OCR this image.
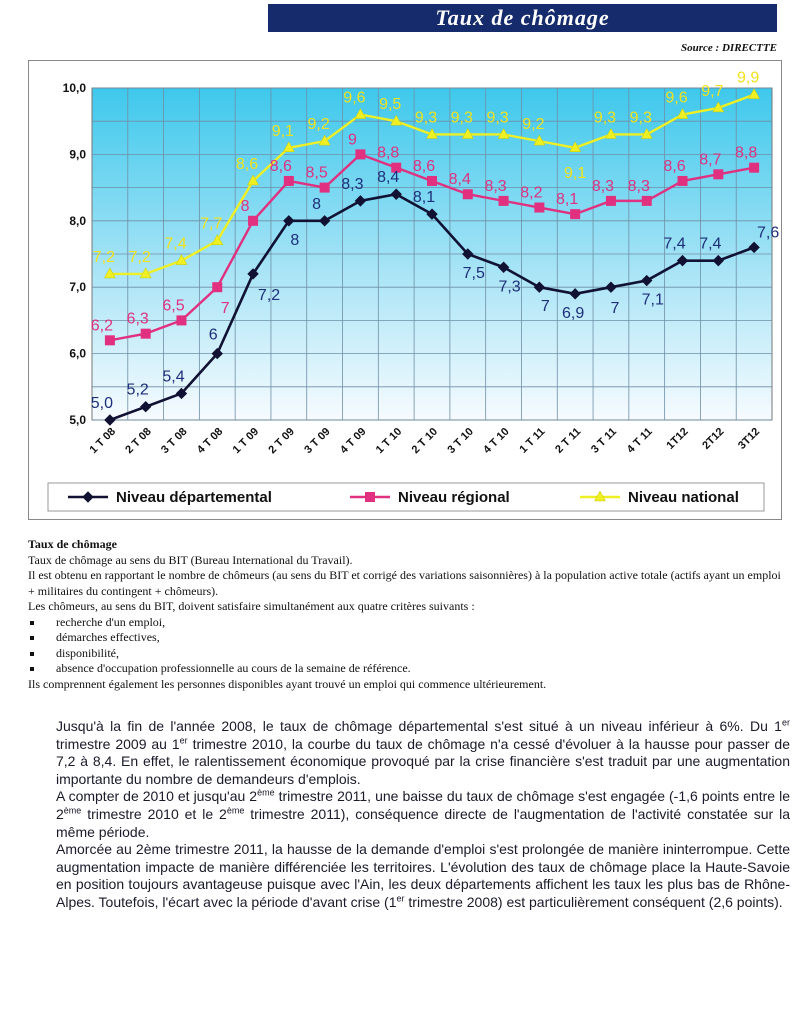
Taux de chômage
Source : DIRECTTE
5,0
6,0
7,0
8,0
9,0
10,0
1 T 08 2 T 08 3 T 08 4 T 08 1 T 09 2 T 09 3 T 09 4 T 09 1 T 10 2 T 10 3 T 10 4 T 10 1 T 11 2 T 11 3 T 11 4 T 11 1T12 2T12 3T12
5,0
5,2
5,4
6
7,2
8
8
8,3 8,4
8,1
7,5
7,3
7 6,9 7
7,1
7,4 7,4
7,6
6,2 6,3
6,5 7
8
8,6 8,5
9
8,8
8,6
8,4 8,3 8,2 8,1
8,3 8,3
8,6 8,7 8,8
7,2 7,2
7,4
7,7
8,6
9,1 9,2
9,6 9,5
9,3 9,3 9,3 9,2
9,1
9,3 9,3
9,6 9,7
9,9
Niveau départemental	Niveau régional	Niveau national
Taux de chômage

Taux de chômage au sens du BIT (Bureau International du Travail).

Il est obtenu en rapportant le nombre de chômeurs (au sens du BIT et corrigé des variations saisonnières) à la population active totale (actifs ayant un emploi + militaires du contingent + chômeurs).

Les chômeurs, au sens du BIT, doivent satisfaire simultanément aux quatre critères suivants :

recherche d'un emploi,
démarches effectives,
disponibilité,
absence d'occupation professionnelle au cours de la semaine de référence.

Ils comprennent également les personnes disponibles ayant trouvé un emploi qui commence ultérieurement.

Jusqu'à la fin de l'année 2008, le taux de chômage départemental s'est situé à un niveau inférieur à 6%. Du 1er trimestre 2009 au 1er trimestre 2010, la courbe du taux de chômage n'a cessé d'évoluer à la hausse pour passer de 7,2 à 8,4. En effet, le ralentissement économique provoqué par la crise financière s'est traduit par une augmentation importante du nombre de demandeurs d'emplois.

A compter de 2010 et jusqu'au 2ème trimestre 2011, une baisse du taux de chômage s'est engagée (-1,6 points entre le 2ème trimestre 2010 et le 2ème trimestre 2011), conséquence directe de l'augmentation de l'activité constatée sur la même période.

Amorcée au 2ème trimestre 2011, la hausse de la demande d'emploi s'est prolongée de manière ininterrompue. Cette augmentation impacte de manière différenciée les territoires. L'évolution des taux de chômage place la Haute-Savoie en position toujours avantageuse puisque avec l'Ain, les deux départements affichent les taux les plus bas de Rhône-Alpes. Toutefois, l'écart avec la période d'avant crise (1er trimestre 2008) est particulièrement conséquent (2,6 points).
